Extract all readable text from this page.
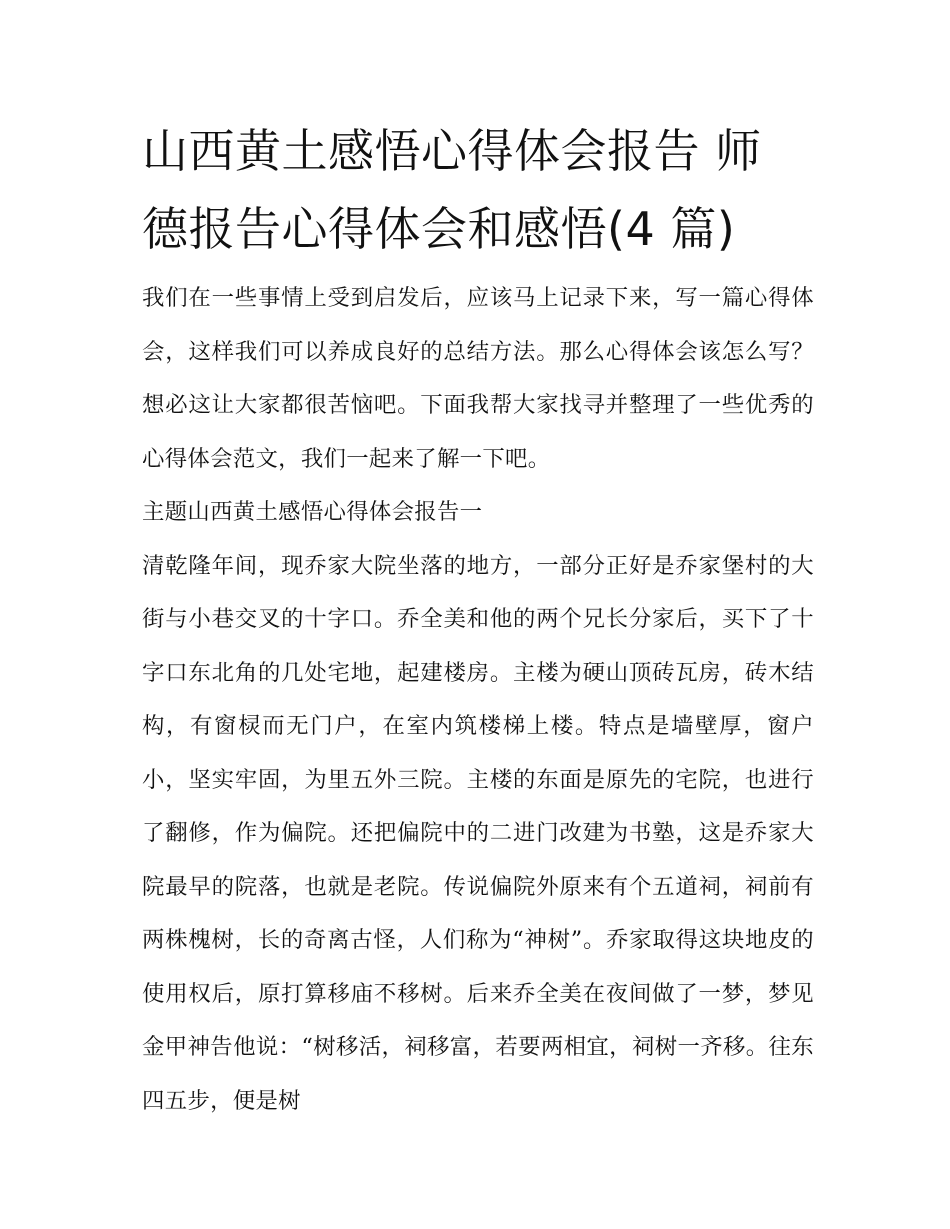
山西黄土感悟心得体会报告 师
德报告心得体会和感悟(4 篇)

我们在一些事情上受到启发后，应该马上记录下来，写一篇心得体会，这样我们可以养成良好的总结方法。那么心得体会该怎么写？想必这让大家都很苦恼吧。下面我帮大家找寻并整理了一些优秀的心得体会范文，我们一起来了解一下吧。

主题山西黄土感悟心得体会报告一

清乾隆年间，现乔家大院坐落的地方，一部分正好是乔家堡村的大街与小巷交叉的十字口。乔全美和他的两个兄长分家后，买下了十字口东北角的几处宅地，起建楼房。主楼为硬山顶砖瓦房，砖木结构，有窗棂而无门户，在室内筑楼梯上楼。特点是墙壁厚，窗户小，坚实牢固，为里五外三院。主楼的东面是原先的宅院，也进行了翻修，作为偏院。还把偏院中的二进门改建为书塾，这是乔家大院最早的院落，也就是老院。传说偏院外原来有个五道祠，祠前有两株槐树，长的奇离古怪，人们称为“神树”。乔家取得这块地皮的使用权后，原打算移庙不移树。后来乔全美在夜间做了一梦，梦见金甲神告他说：“树移活，祠移富，若要两相宜，祠树一齐移。往东四五步，便是树
